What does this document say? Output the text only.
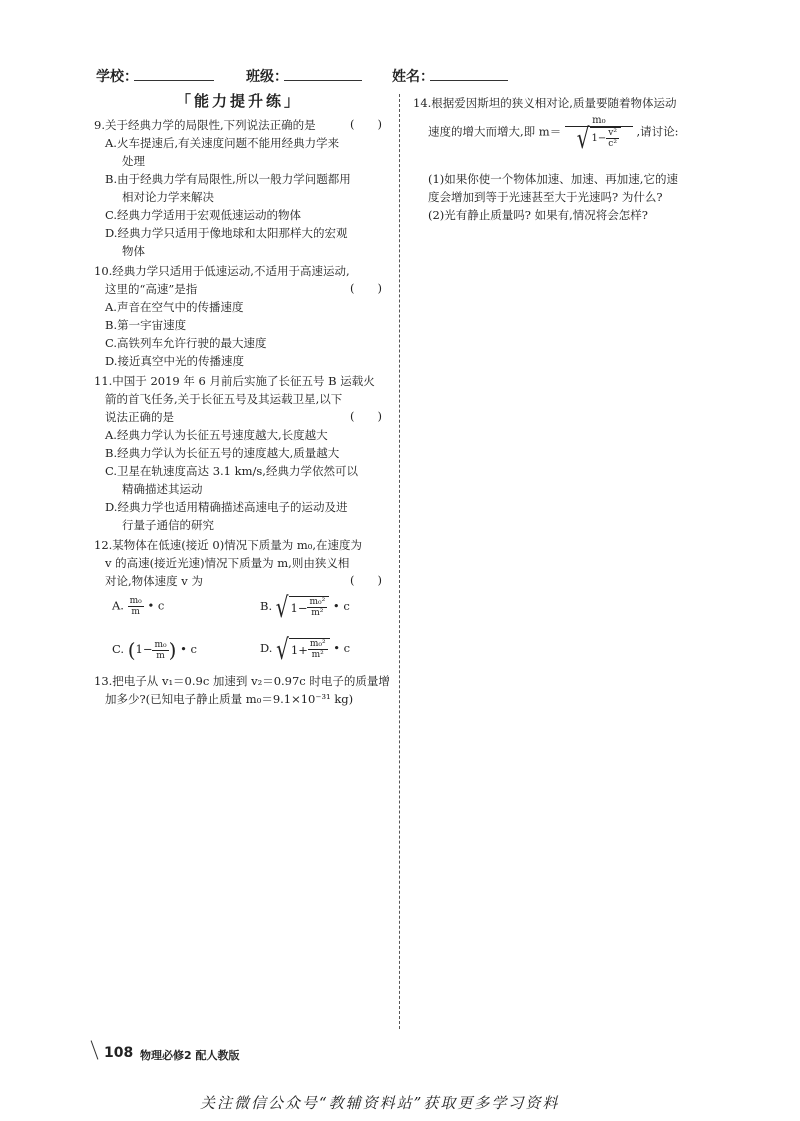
学校：	班级：	姓名：
「能力提升练」
9.关于经典力学的局限性,下列说法正确的是	(　　)
A.火车提速后,有关速度问题不能用经典力学来
处理
B.由于经典力学有局限性,所以一般力学问题都用
相对论力学来解决
C.经典力学适用于宏观低速运动的物体
D.经典力学只适用于像地球和太阳那样大的宏观
物体
10.经典力学只适用于低速运动,不适用于高速运动,
这里的“高速”是指	(　　)
A.声音在空气中的传播速度
B.第一宇宙速度
C.高铁列车允许行驶的最大速度
D.接近真空中光的传播速度
11.中国于 2019 年 6 月前后实施了长征五号 B 运载火
箭的首飞任务,关于长征五号及其运载卫星,以下
说法正确的是	(　　)
A.经典力学认为长征五号速度越大,长度越大
B.经典力学认为长征五号的速度越大,质量越大
C.卫星在轨速度高达 3.1 km/s,经典力学依然可以
精确描述其运动
D.经典力学也适用精确描述高速电子的运动及进
行量子通信的研究
12.某物体在低速(接近 0)情况下质量为 m₀,在速度为
v 的高速(接近光速)情况下质量为 m,则由狭义相
对论,物体速度 v 为	(　　)
A. $\frac{\text{m₀}}{m}$ • c	B. √ $1- \frac{\text{m₀²}}{\text{m²}}$ • c
C. ($1- \frac{\text{m₀}}{m}$ ) • c	D. √ $1+ \frac{\text{m₀²}}{\text{m²}}$ • c
13.把电子从 v₁＝0.9c 加速到 v₂＝0.97c 时电子的质量增
加多少?(已知电子静止质量 m₀＝9.1×10⁻³¹ kg)
14.根据爱因斯坦的狭义相对论,质量要随着物体运动
速度的增大而增大,即 m＝
m₀
√ $1- \frac{\text{v²}}{\text{c²}}$ ,请讨论:
(1)如果你使一个物体加速、加速、再加速,它的速
度会增加到等于光速甚至大于光速吗? 为什么?
(2)光有静止质量吗? 如果有,情况将会怎样?
108 物理必修2 配人教版
关注微信公众号“教辅资料站”获取更多学习资料
